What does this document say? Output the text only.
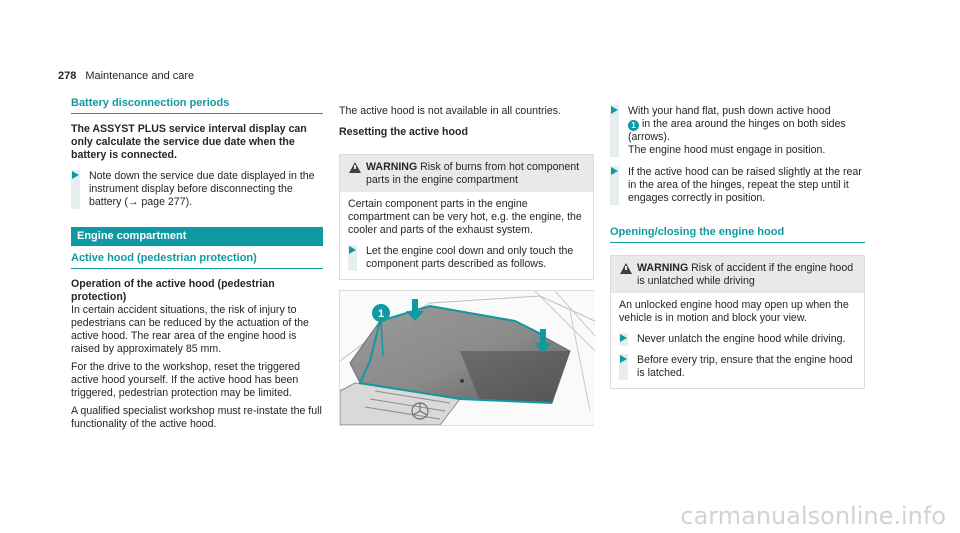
278 Maintenance and care
Battery disconnection periods

The ASSYST PLUS service interval display can only calculate the service due date when the battery is connected.

Note down the service due date displayed in the instrument display before disconnecting the battery (→ page 277).
Engine compartment
Active hood (pedestrian protection)

Operation of the active hood (pedestrian protection)

In certain accident situations, the risk of injury to pedestrians can be reduced by the actuation of the active hood. The rear area of the engine hood is raised by approximately 85 mm.

For the drive to the workshop, reset the triggered active hood yourself. If the active hood has been triggered, pedestrian protection may be limited.

A qualified specialist workshop must re-instate the full functionality of the active hood.

The active hood is not available in all countries.

Resetting the active hood

WARNING Risk of burns from hot component parts in the engine compartment

Certain component parts in the engine compartment can be very hot, e.g. the engine, the cooler and parts of the exhaust system.

Let the engine cool down and only touch the component parts described as follows.
1
With your hand flat, push down active hood
1 in the area around the hinges on both sides (arrows).
The engine hood must engage in position.
If the active hood can be raised slightly at the rear in the area of the hinges, repeat the step until it engages correctly in position.
Opening/closing the engine hood
WARNING Risk of accident if the engine hood is unlatched while driving

An unlocked engine hood may open up when the vehicle is in motion and block your view.

Never unlatch the engine hood while driving.
Before every trip, ensure that the engine hood is latched.
carmanualsonline.info
